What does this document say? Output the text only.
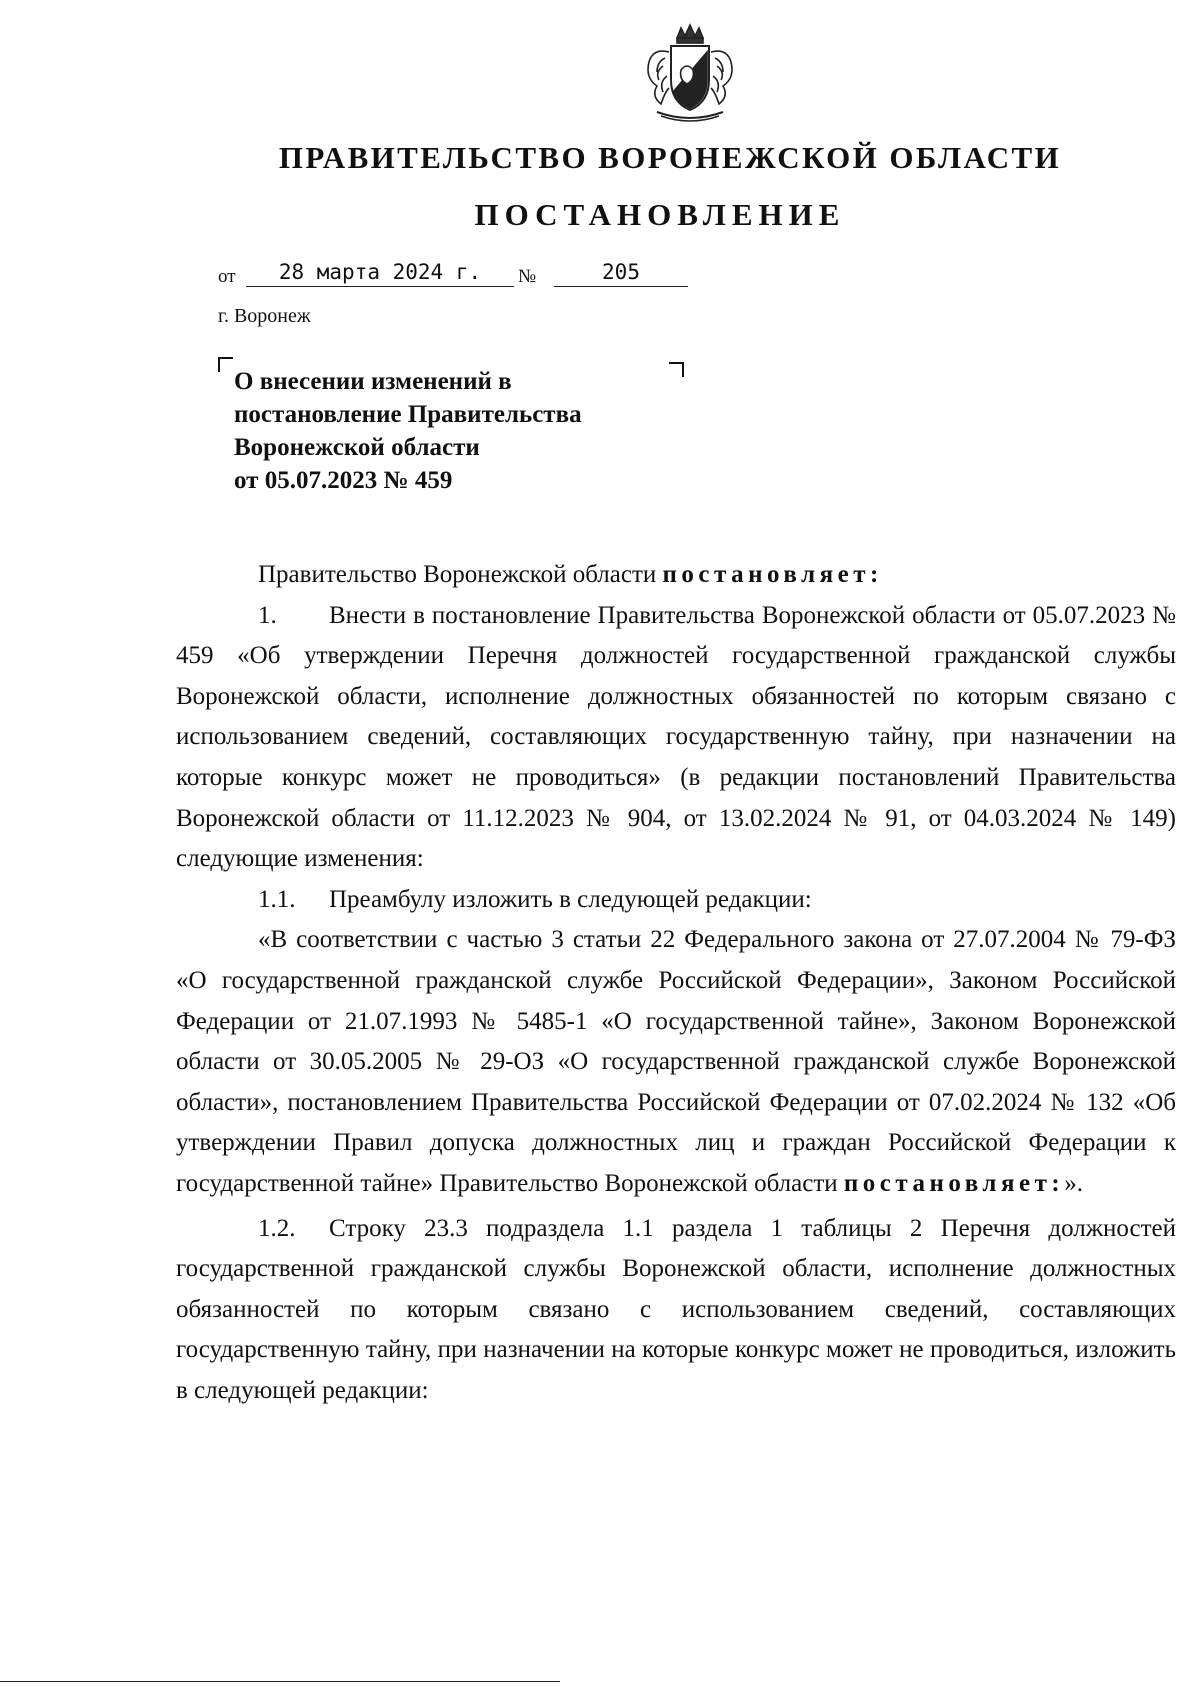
ПРАВИТЕЛЬСТВО ВОРОНЕЖСКОЙ ОБЛАСТИ
ПОСТАНОВЛЕНИЕ
от	28 марта 2024 г.	№	205
г. Воронеж
О внесении изменений в
постановление Правительства
Воронежской области
от 05.07.2023 № 459

Правительство Воронежской области постановляет:

1. Внести в постановление Правительства Воронежской области от 05.07.2023 № 459 «Об утверждении Перечня должностей государственной гражданской службы Воронежской области, исполнение должностных обязанностей по которым связано с использованием сведений, составляющих государственную тайну, при назначении на которые конкурс может не проводиться» (в редакции постановлений Правительства Воронежской области от 11.12.2023 № 904, от 13.02.2024 № 91, от 04.03.2024 № 149) следующие изменения:

1.1. Преамбулу изложить в следующей редакции:

«В соответствии с частью 3 статьи 22 Федерального закона от 27.07.2004 № 79-ФЗ «О государственной гражданской службе Российской Федерации», Законом Российской Федерации от 21.07.1993 № 5485-1 «О государственной тайне», Законом Воронежской области от 30.05.2005 № 29-ОЗ «О государственной гражданской службе Воронежской области», постановлением Правительства Российской Федерации от 07.02.2024 № 132 «Об утверждении Правил допуска должностных лиц и граждан Российской Федерации к государственной тайне» Правительство Воронежской области постановляет:».

1.2. Строку 23.3 подраздела 1.1 раздела 1 таблицы 2 Перечня должностей государственной гражданской службы Воронежской области, исполнение должностных обязанностей по которым связано с использованием сведений, составляющих государственную тайну, при назначении на которые конкурс может не проводиться, изложить в следующей редакции:
